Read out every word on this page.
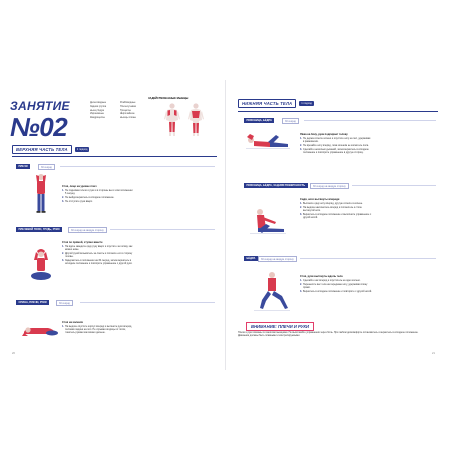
ЗАНЯТИЕ
№02
Дельтовидные
Задняя группа
мышц бедра
Икроножные
Квадрицепсы
Ромбовидные
Плечелучевая
Трицепсы
Широчайшие
мышцы спины
ЗАДЕЙСТВОВАННЫЕ МЫШЦЫ
ВЕРХНЯЯ ЧАСТЬ ТЕЛА	1 подход
ПЛЕЧИ	30 секунд
Стоя, лицо на уровне плеч
1. Не поднимая плечи и руки и в стороны вы в этом положении 5 секунд.
2. Не выйдя вернитесь в исходное положение.
3. Не отступите руки вверх.
ПЛЕЧЕВОЙ ПОЯС, ГРУДЬ, РУКИ	30 секунд на каждую сторону
Стоя по прямой, ступни вместе
1. На вдохе заведите одну руку вверх и опустите за голову, как можно ниже.
2. Другой рукой возьмитесь за локоть и потяните его в сторону головы.
3. Задержитесь в положении на 30 секунд, затем вернитесь в исходное положение и повторите упражнение с другой руки.
СПИНА, ПЛЕЧИ, РУКИ	30 секунд
Стоя на коленях
1. На выдохе опустите корпус вперёд и вытяните руки вперёд, положив ладони на пол. Не отрывая ягодицы от пяток, тянитесь руками как можно дальше.
20
НИЖНЯЯ ЧАСТЬ ТЕЛА	1 подход
ПОЯСНИЦА, БЁДРА	30 секунд
Лёжа на боку, рука подпирает голову
1. Не держа согните колено и опустите ногу на пол, удерживая в равновесии.
2. Не врезайте ногу вперёд, пока коленом не коснётесь пола.
3. Сделайте несколько дыханий, затем вернитесь в исходное положение и повторите упражнение в другую сторону.
ПОЯСНИЦА, БЁДРА, ЗАДНЯЯ ПОВЕРХНОСТЬ	30 секунд на каждую сторону
Сидя, ноги вытянуты впереди
1. Вытяните одну ногу вперёд, другую согните в колене.
2. На выдохе наклонитесь вперёд и потянитесь к стопе вытянутой ноги.
3. Вернитесь в исходное положение и выполните упражнение с другой ногой.
БЁДРА	30 секунд на каждую сторону
Стоя, руки вытянуты вдоль тела
1. Сделайте шаг вперёд и опуститесь на одно колено.
2. Перенесите вес тела на переднюю ногу, удерживая спину прямо.
3. Вернитесь в исходное положение и повторите с другой ногой.
ВНИМАНИЕ: ПЛЕЧИ И РУКИ
Плечи и руки связаны со многими мышцами. Не выполняйте упражнения через боль. При любом дискомфорте остановитесь и вернитесь в исходное положение. Движения должны быть плавными и контролируемыми.
21
